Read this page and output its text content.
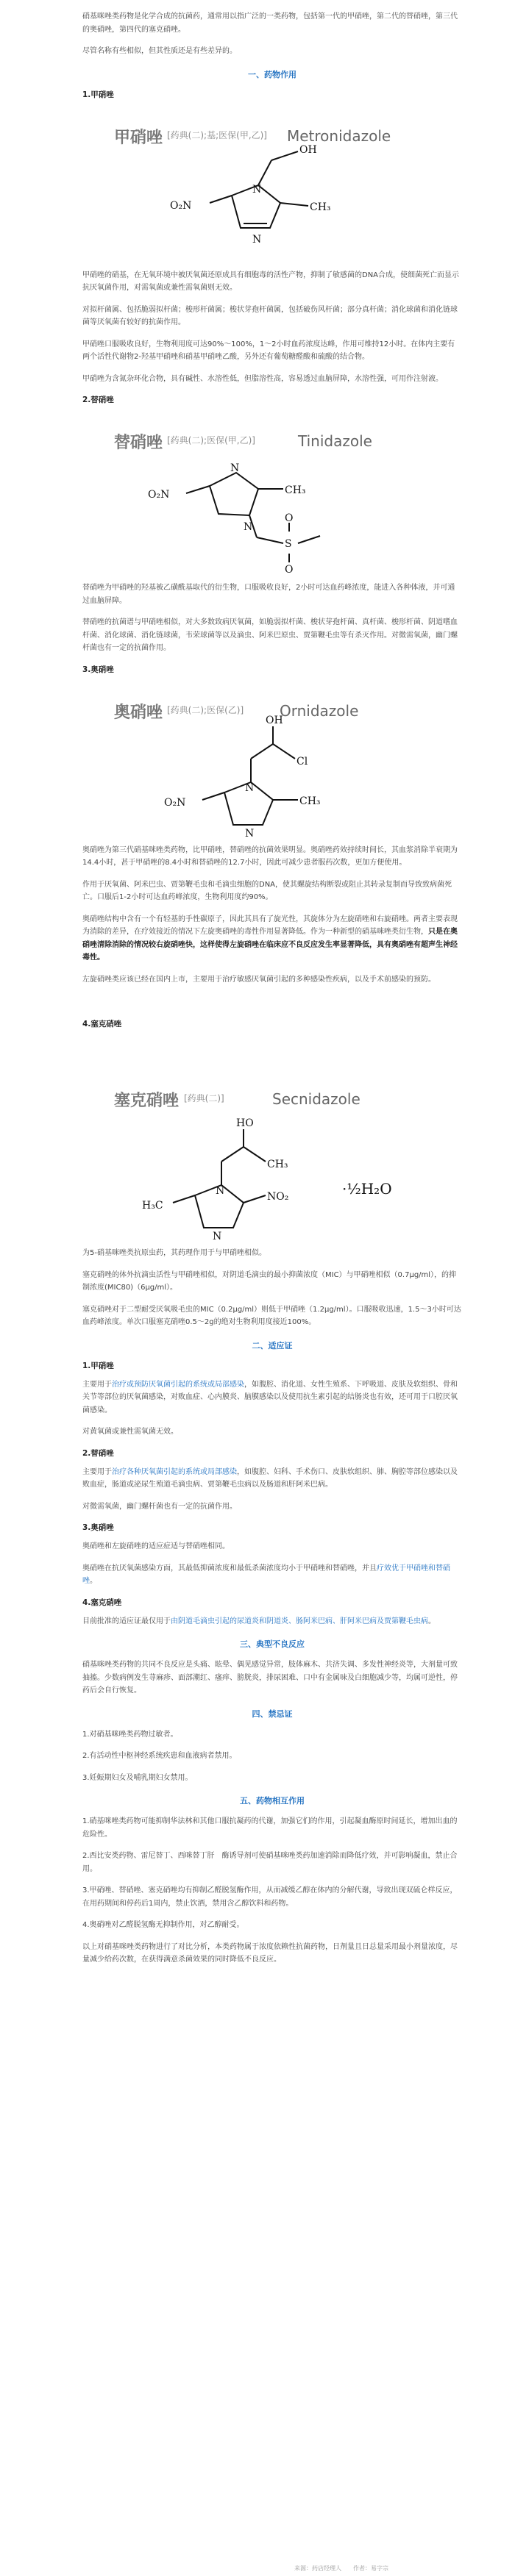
硝基咪唑类药物是化学合成的抗菌药，通常用以指广泛的一类药物，包括第一代的甲硝唑，第二代的替硝唑，第三代的奥硝唑，第四代的塞克硝唑。

尽管名称有些相似，但其性质还是有些差异的。

一、药物作用
1.甲硝唑
甲硝唑 [药典(二);基;医保(甲,乙)] Metronidazole
N
N
OH
CH₃
O₂N

甲硝唑的硝基，在无氧环境中被厌氧菌还原成具有细胞毒的活性产物，抑制了敏感菌的DNA合成，使细菌死亡而显示抗厌氧菌作用，对需氧菌或兼性需氧菌则无效。

对拟杆菌属、包括脆弱拟杆菌；梭形杆菌属；梭状芽孢杆菌属，包括破伤风杆菌；部分真杆菌；消化球菌和消化链球菌等厌氧菌有较好的抗菌作用。

甲硝唑口服吸收良好，生物利用度可达90%～100%，1～2小时血药浓度达峰，作用可维持12小时。在体内主要有两个活性代谢物2-羟基甲硝唑和硝基甲硝唑乙酸，另外还有葡萄糖醛酸和硫酸的结合物。

甲硝唑为含氮杂环化合物，具有碱性、水溶性低，但脂溶性高，容易透过血脑屏障，水溶性强，可用作注射液。

2.替硝唑
替硝唑 [药典(二);医保(甲,乙)]	Tinidazole
N
N
CH₃
O₂N
S
O
O

替硝唑为甲硝唑的羟基被乙磺酰基取代的衍生物，口服吸收良好，2小时可达血药峰浓度，能进入各种体液，并可通过血脑屏障。

替硝唑的抗菌谱与甲硝唑相似，对大多数致病厌氧菌，如脆弱拟杆菌、梭状芽孢杆菌、真杆菌、梭形杆菌、阴道嗜血杆菌、消化球菌、消化链球菌，韦荣球菌等以及滴虫、阿米巴原虫、贾第鞭毛虫等有杀灭作用。对微需氧菌，幽门螺杆菌也有一定的抗菌作用。

3.奥硝唑
奥硝唑 [药典(二);医保(乙)] Ornidazole
N
N
OH
Cl
CH₃
O₂N

奥硝唑为第三代硝基咪唑类药物，比甲硝唑，替硝唑的抗菌效果明显。奥硝唑药效持续时间长，其血浆消除半衰期为14.4小时，甚于甲硝唑的8.4小时和替硝唑的12.7小时，因此可减少患者服药次数，更加方便使用。

作用于厌氧菌、阿米巴虫、贾第鞭毛虫和毛滴虫细胞的DNA，使其螺旋结构断裂或阻止其转录复制而导致致病菌死亡。口服后1-2小时可达血药峰浓度，生物利用度约90%。

奥硝唑结构中含有一个有轻基的手性碳原子，因此其具有了旋光性，其旋体分为左旋硝唑和右旋硝唑。两者主要表现为消除的差异，在疗效接近的情况下左旋奥硝唑的毒性作用显著降低。作为一种新型的硝基咪唑类衍生物，只是在奥硝唑清除消除的情况较右旋硝唑快，这样使得左旋硝唑在临床应不良反应发生率显著降低，具有奥硝唑有超声生神经毒性。

左旋硝唑类应该已经在国内上市，主要用于治疗敏感厌氧菌引起的多种感染性疾病，以及手术前感染的预防。

4.塞克硝唑
塞克硝唑 [药典(二)]	Secnidazole
N
N
HO
CH₃
H₃C
NO₂	·½H₂O

为5-硝基咪唑类抗原虫药，其药理作用于与甲硝唑相似。

塞克硝唑的体外抗滴虫活性与甲硝唑相似，对阴道毛滴虫的最小抑菌浓度（MIC）与甲硝唑相似（0.7μg/ml），的抑制浓度(MIC80)（6μg/ml）。

塞克硝唑对于二型耐受厌氧吸毛虫的MIC（0.2μg/ml）则低于甲硝唑（1.2μg/ml）。口服吸收迅速，1.5～3小时可达血药峰浓度。单次口服塞克硝唑0.5～2g的绝对生物利用度接近100%。

二、适应证
1.甲硝唑

主要用于治疗或预防厌氧菌引起的系统或局部感染，如腹腔、消化道、女性生殖系、下呼吸道、皮肤及软组织、骨和关节等部位的厌氧菌感染，对败血症、心内膜炎、脑膜感染以及使用抗生素引起的结肠炎也有效，还可用于口腔厌氧菌感染。

对黄氧菌或兼性需氧菌无效。

2.替硝唑

主要用于治疗各种厌氧菌引起的系统或局部感染，如腹腔、妇科、手术伤口、皮肤软组织、肺、胸腔等部位感染以及败血症，肠道或泌尿生殖道毛滴虫病、贾第鞭毛虫病以及肠道和肝阿米巴病。

对微需氧菌，幽门螺杆菌也有一定的抗菌作用。

3.奥硝唑

奥硝唑和左旋硝唑的适应症适与替硝唑相同。

奥硝唑在抗厌氧菌感染方面，其最低抑菌浓度和最低杀菌浓度均小于甲硝唑和替硝唑，并且疗效优于甲硝唑和替硝唑。

4.塞克硝唑

目前批准的适应证最仅用于由阴道毛滴虫引起的尿道炎和阴道炎、肠阿米巴病、肝阿米巴病及贾第鞭毛虫病。

三、典型不良反应

硝基咪唑类药物的共同不良反应是头痛、眩晕、偶见感觉异常，肢体麻木、共济失调、多发性神经炎等，大剂量可致抽搐。少数病例发生荨麻疹、面部潮红、瘙痒、膀胱炎，排尿困难、口中有金属味及白细胞减少等，均属可逆性，停药后会自行恢复。

四、禁忌证

1.对硝基咪唑类药物过敏者。

2.有活动性中枢神经系统疾患和血液病者禁用。

3.妊娠期妇女及哺乳期妇女禁用。

五、药物相互作用

1.硝基咪唑类药物可能抑制华法林和其他口服抗凝药的代谢，加强它们的作用，引起凝血酶原时间延长，增加出血的危险性。

2.西比安类药物、雷尼替丁、西咪替丁肝　酶诱导剂可使硝基咪唑类药加速消除而降低疗效，并可影响凝血，禁止合用。

3.甲硝唑、替硝唑、塞克硝唑均有抑制乙醛脱氢酶作用，从而减缓乙醇在体内的分解代谢，导致出现双硫仑样反应，在用药期间和停药后1周内，禁止饮酒，禁用含乙醇饮料和药物。

4.奥硝唑对乙醛脱氢酶无抑制作用，对乙醇耐受。

以上对硝基咪唑类药物进行了对比分析，本类药物属于浓度依赖性抗菌药物，日剂量且日总量采用最小剂量浓度，尽量减少给药次数，在获得满意杀菌效果的同时降低不良反应。

来源：药店经理人　　作者：易字宗
